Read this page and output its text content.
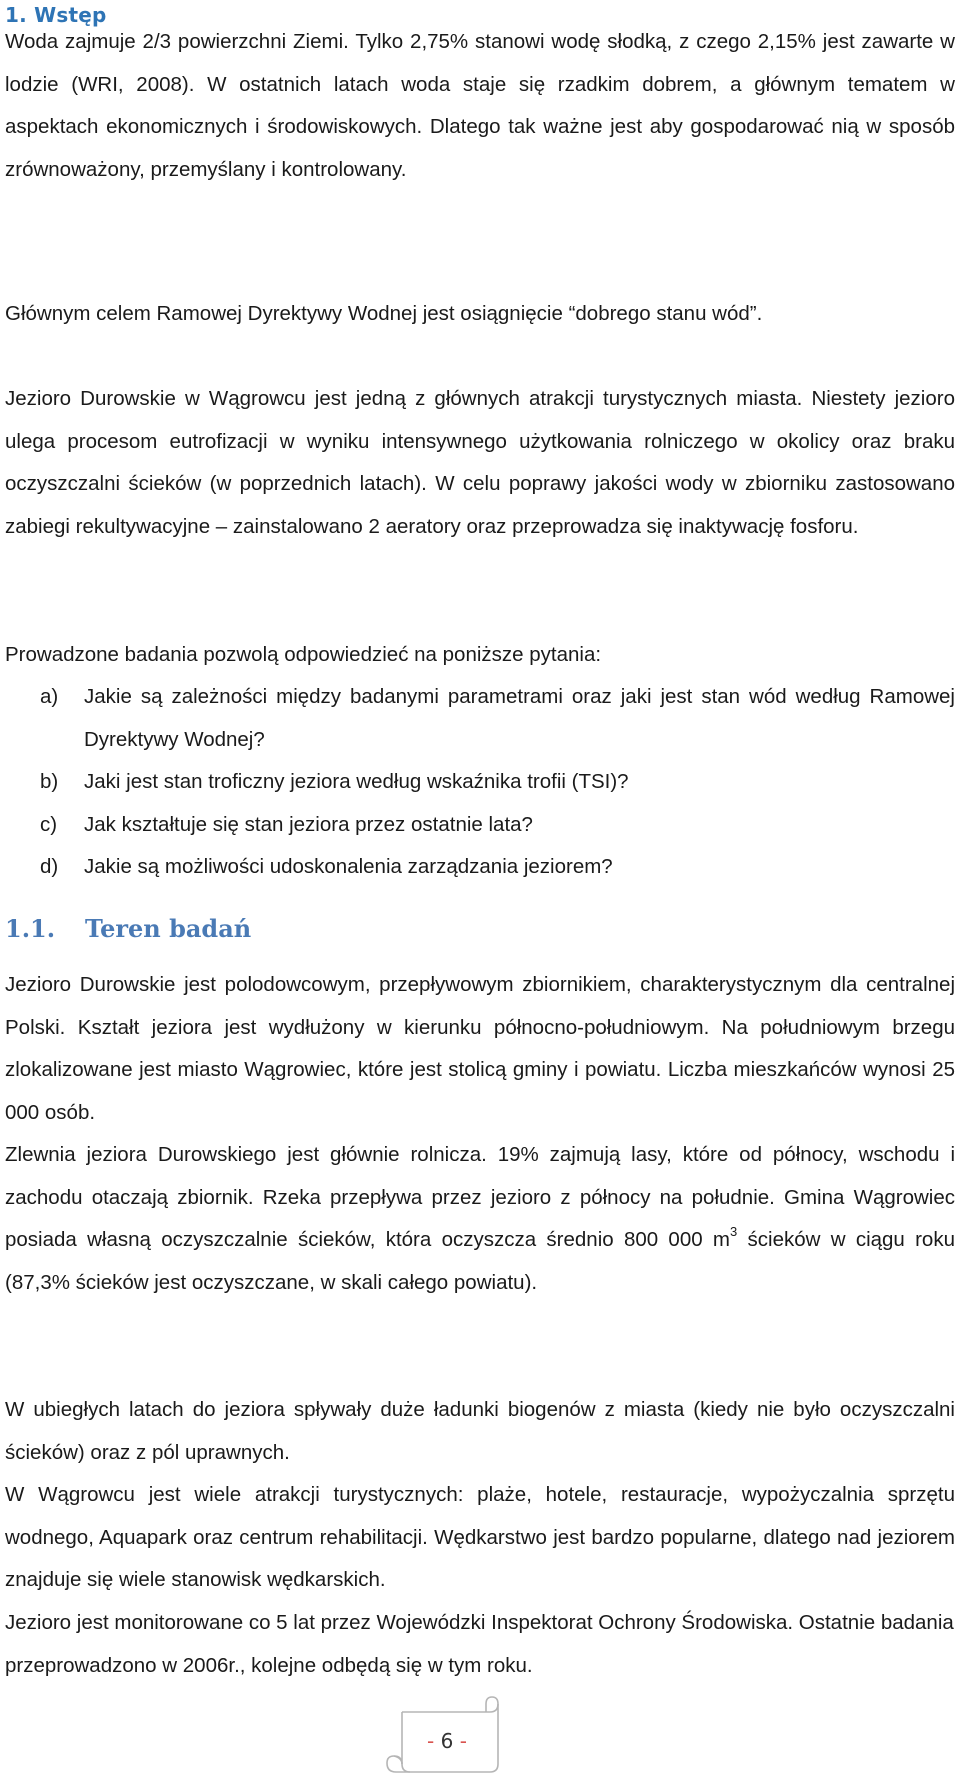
1. Wstęp

Woda zajmuje 2/3 powierzchni Ziemi. Tylko 2,75% stanowi wodę słodką, z czego 2,15% jest zawarte w lodzie (WRI, 2008). W ostatnich latach woda staje się rzadkim dobrem, a głównym tematem w aspektach ekonomicznych i środowiskowych. Dlatego tak ważne jest aby gospodarować nią w sposób zrównoważony, przemyślany i kontrolowany.

Głównym celem Ramowej Dyrektywy Wodnej jest osiągnięcie “dobrego stanu wód”.

Jezioro Durowskie w Wągrowcu jest jedną z głównych atrakcji turystycznych miasta. Niestety jezioro ulega procesom eutrofizacji w wyniku intensywnego użytkowania rolniczego w okolicy oraz braku oczyszczalni ścieków (w poprzednich latach). W celu poprawy jakości wody w zbiorniku zastosowano zabiegi rekultywacyjne – zainstalowano 2 aeratory oraz przeprowadza się inaktywację fosforu.

Prowadzone badania pozwolą odpowiedzieć na poniższe pytania:

a) Jakie są zależności między badanymi parametrami oraz jaki jest stan wód według Ramowej Dyrektywy Wodnej?
b) Jaki jest stan troficzny jeziora według wskaźnika trofii (TSI)?
c) Jak kształtuje się stan jeziora przez ostatnie lata?
d) Jakie są możliwości udoskonalenia zarządzania jeziorem?
1.1. Teren badań

Jezioro Durowskie jest polodowcowym, przepływowym zbiornikiem, charakterystycznym dla centralnej Polski. Kształt jeziora jest wydłużony w kierunku północno-południowym. Na południowym brzegu zlokalizowane jest miasto Wągrowiec, które jest stolicą gminy i powiatu. Liczba mieszkańców wynosi 25 000 osób.

Zlewnia jeziora Durowskiego jest głównie rolnicza. 19% zajmują lasy, które od północy, wschodu i zachodu otaczają zbiornik. Rzeka przepływa przez jezioro z północy na południe. Gmina Wągrowiec posiada własną oczyszczalnie ścieków, która oczyszcza średnio 800 000 $m^3$ ścieków w ciągu roku (87,3% ścieków jest oczyszczane, w skali całego powiatu).

W ubiegłych latach do jeziora spływały duże ładunki biogenów z miasta (kiedy nie było oczyszczalni ścieków) oraz z pól uprawnych.

W Wągrowcu jest wiele atrakcji turystycznych: plaże, hotele, restauracje, wypożyczalnia sprzętu wodnego, Aquapark oraz centrum rehabilitacji. Wędkarstwo jest bardzo popularne, dlatego nad jeziorem znajduje się wiele stanowisk wędkarskich.

Jezioro jest monitorowane co 5 lat przez Wojewódzki Inspektorat Ochrony Środowiska. Ostatnie badania przeprowadzono w 2006r., kolejne odbędą się w tym roku.

- 6 -
